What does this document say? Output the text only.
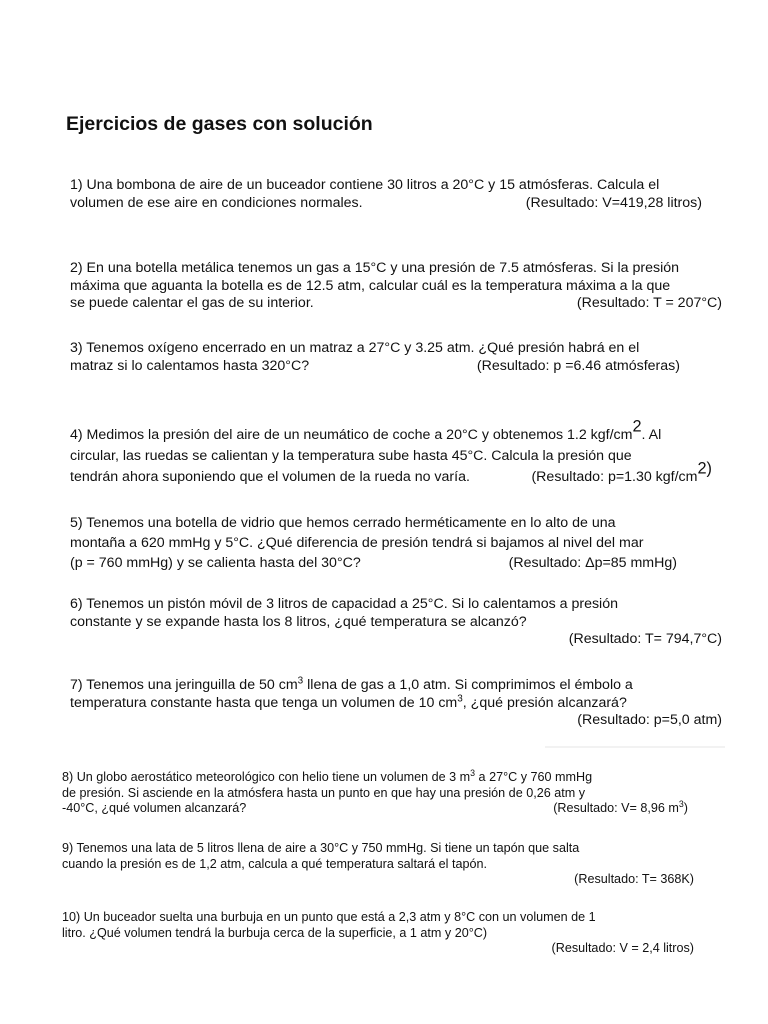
Ejercicios de gases con solución

1) Una bombona de aire de un buceador contiene 30 litros a 20°C y 15 atmósferas. Calcula el

volumen de ese aire en condiciones normales.	(Resultado: V=419,28 litros)

2) En una botella metálica tenemos un gas a 15°C y una presión de 7.5 atmósferas. Si la presión

máxima que aguanta la botella es de 12.5 atm, calcular cuál es la temperatura máxima a la que

se puede calentar el gas de su interior.	(Resultado: T = 207°C)

3) Tenemos oxígeno encerrado en un matraz a 27°C y 3.25 atm. ¿Qué presión habrá en el

matraz si lo calentamos hasta 320°C?	(Resultado: p =6.46 atmósferas)

4) Medimos la presión del aire de un neumático de coche a 20°C y obtenemos 1.2 kgf/cm2. Al

circular, las ruedas se calientan y la temperatura sube hasta 45°C. Calcula la presión que

tendrán ahora suponiendo que el volumen de la rueda no varía.	(Resultado: p=1.30 kgf/cm2)

5) Tenemos una botella de vidrio que hemos cerrado herméticamente en lo alto de una

montaña a 620 mmHg y 5°C. ¿Qué diferencia de presión tendrá si bajamos al nivel del mar

(p = 760 mmHg) y se calienta hasta del 30°C?	(Resultado: Δp=85 mmHg)

6) Tenemos un pistón móvil de 3 litros de capacidad a 25°C. Si lo calentamos a presión

constante y se expande hasta los 8 litros, ¿qué temperatura se alcanzó?

(Resultado: T= 794,7°C)

7) Tenemos una jeringuilla de 50 $cm^3$ llena de gas a 1,0 atm. Si comprimimos el émbolo a

temperatura constante hasta que tenga un volumen de 10 $cm^3$, ¿qué presión alcanzará?

(Resultado: p=5,0 atm)

8) Un globo aerostático meteorológico con helio tiene un volumen de 3 $m^3$ a 27°C y 760 mmHg

de presión. Si asciende en la atmósfera hasta un punto en que hay una presión de 0,26 atm y

-40°C, ¿qué volumen alcanzará?	(Resultado: V= 8,96 $m^3$)

9) Tenemos una lata de 5 litros llena de aire a 30°C y 750 mmHg. Si tiene un tapón que salta

cuando la presión es de 1,2 atm, calcula a qué temperatura saltará el tapón.

(Resultado: T= 368K)

10) Un buceador suelta una burbuja en un punto que está a 2,3 atm y 8°C con un volumen de 1

litro. ¿Qué volumen tendrá la burbuja cerca de la superficie, a 1 atm y 20°C)

(Resultado: V = 2,4 litros)
